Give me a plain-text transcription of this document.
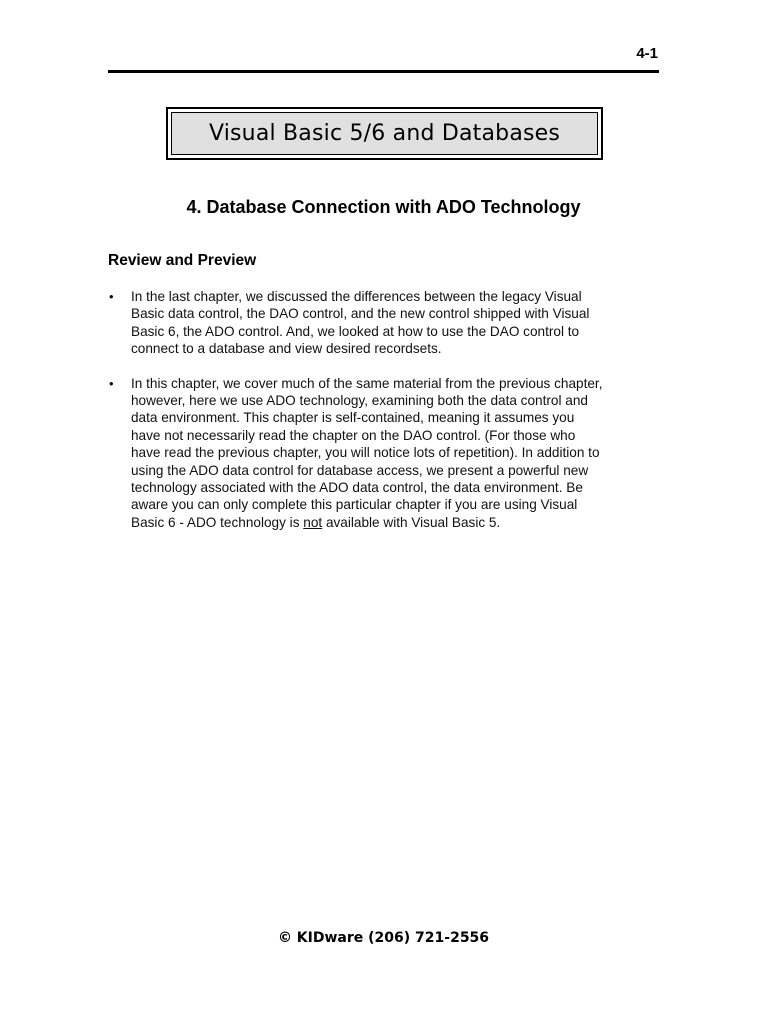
4-1
Visual Basic 5/6 and Databases
4. Database Connection with ADO Technology
Review and Preview
• In the last chapter, we discussed the differences between the legacy Visual
Basic data control, the DAO control, and the new control shipped with Visual
Basic 6, the ADO control. And, we looked at how to use the DAO control to
connect to a database and view desired recordsets.
• In this chapter, we cover much of the same material from the previous chapter,
however, here we use ADO technology, examining both the data control and
data environment. This chapter is self-contained, meaning it assumes you
have not necessarily read the chapter on the DAO control. (For those who
have read the previous chapter, you will notice lots of repetition). In addition to
using the ADO data control for database access, we present a powerful new
technology associated with the ADO data control, the data environment. Be
aware you can only complete this particular chapter if you are using Visual
Basic 6 - ADO technology is not available with Visual Basic 5.
© KIDware (206) 721-2556
